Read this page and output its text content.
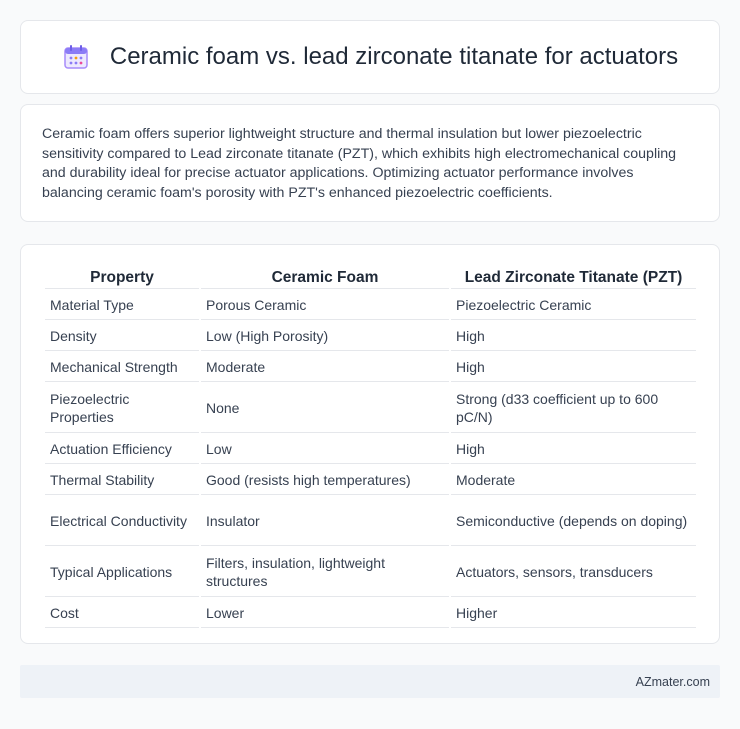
Ceramic foam vs. lead zirconate titanate for actuators

Ceramic foam offers superior lightweight structure and thermal insulation but lower piezoelectric sensitivity compared to Lead zirconate titanate (PZT), which exhibits high electromechanical coupling and durability ideal for precise actuator applications. Optimizing actuator performance involves balancing ceramic foam's porosity with PZT's enhanced piezoelectric coefficients.

Property	Ceramic Foam	Lead Zirconate Titanate (PZT)
Material Type	Porous Ceramic	Piezoelectric Ceramic
Density	Low (High Porosity)	High
Mechanical Strength	Moderate	High
Piezoelectric Properties	None	Strong (d33 coefficient up to 600 pC/N)
Actuation Efficiency	Low	High
Thermal Stability	Good (resists high temperatures)	Moderate
Electrical Conductivity	Insulator	Semiconductive (depends on doping)
Typical Applications	Filters, insulation, lightweight structures	Actuators, sensors, transducers
Cost	Lower	Higher
AZmater.com
